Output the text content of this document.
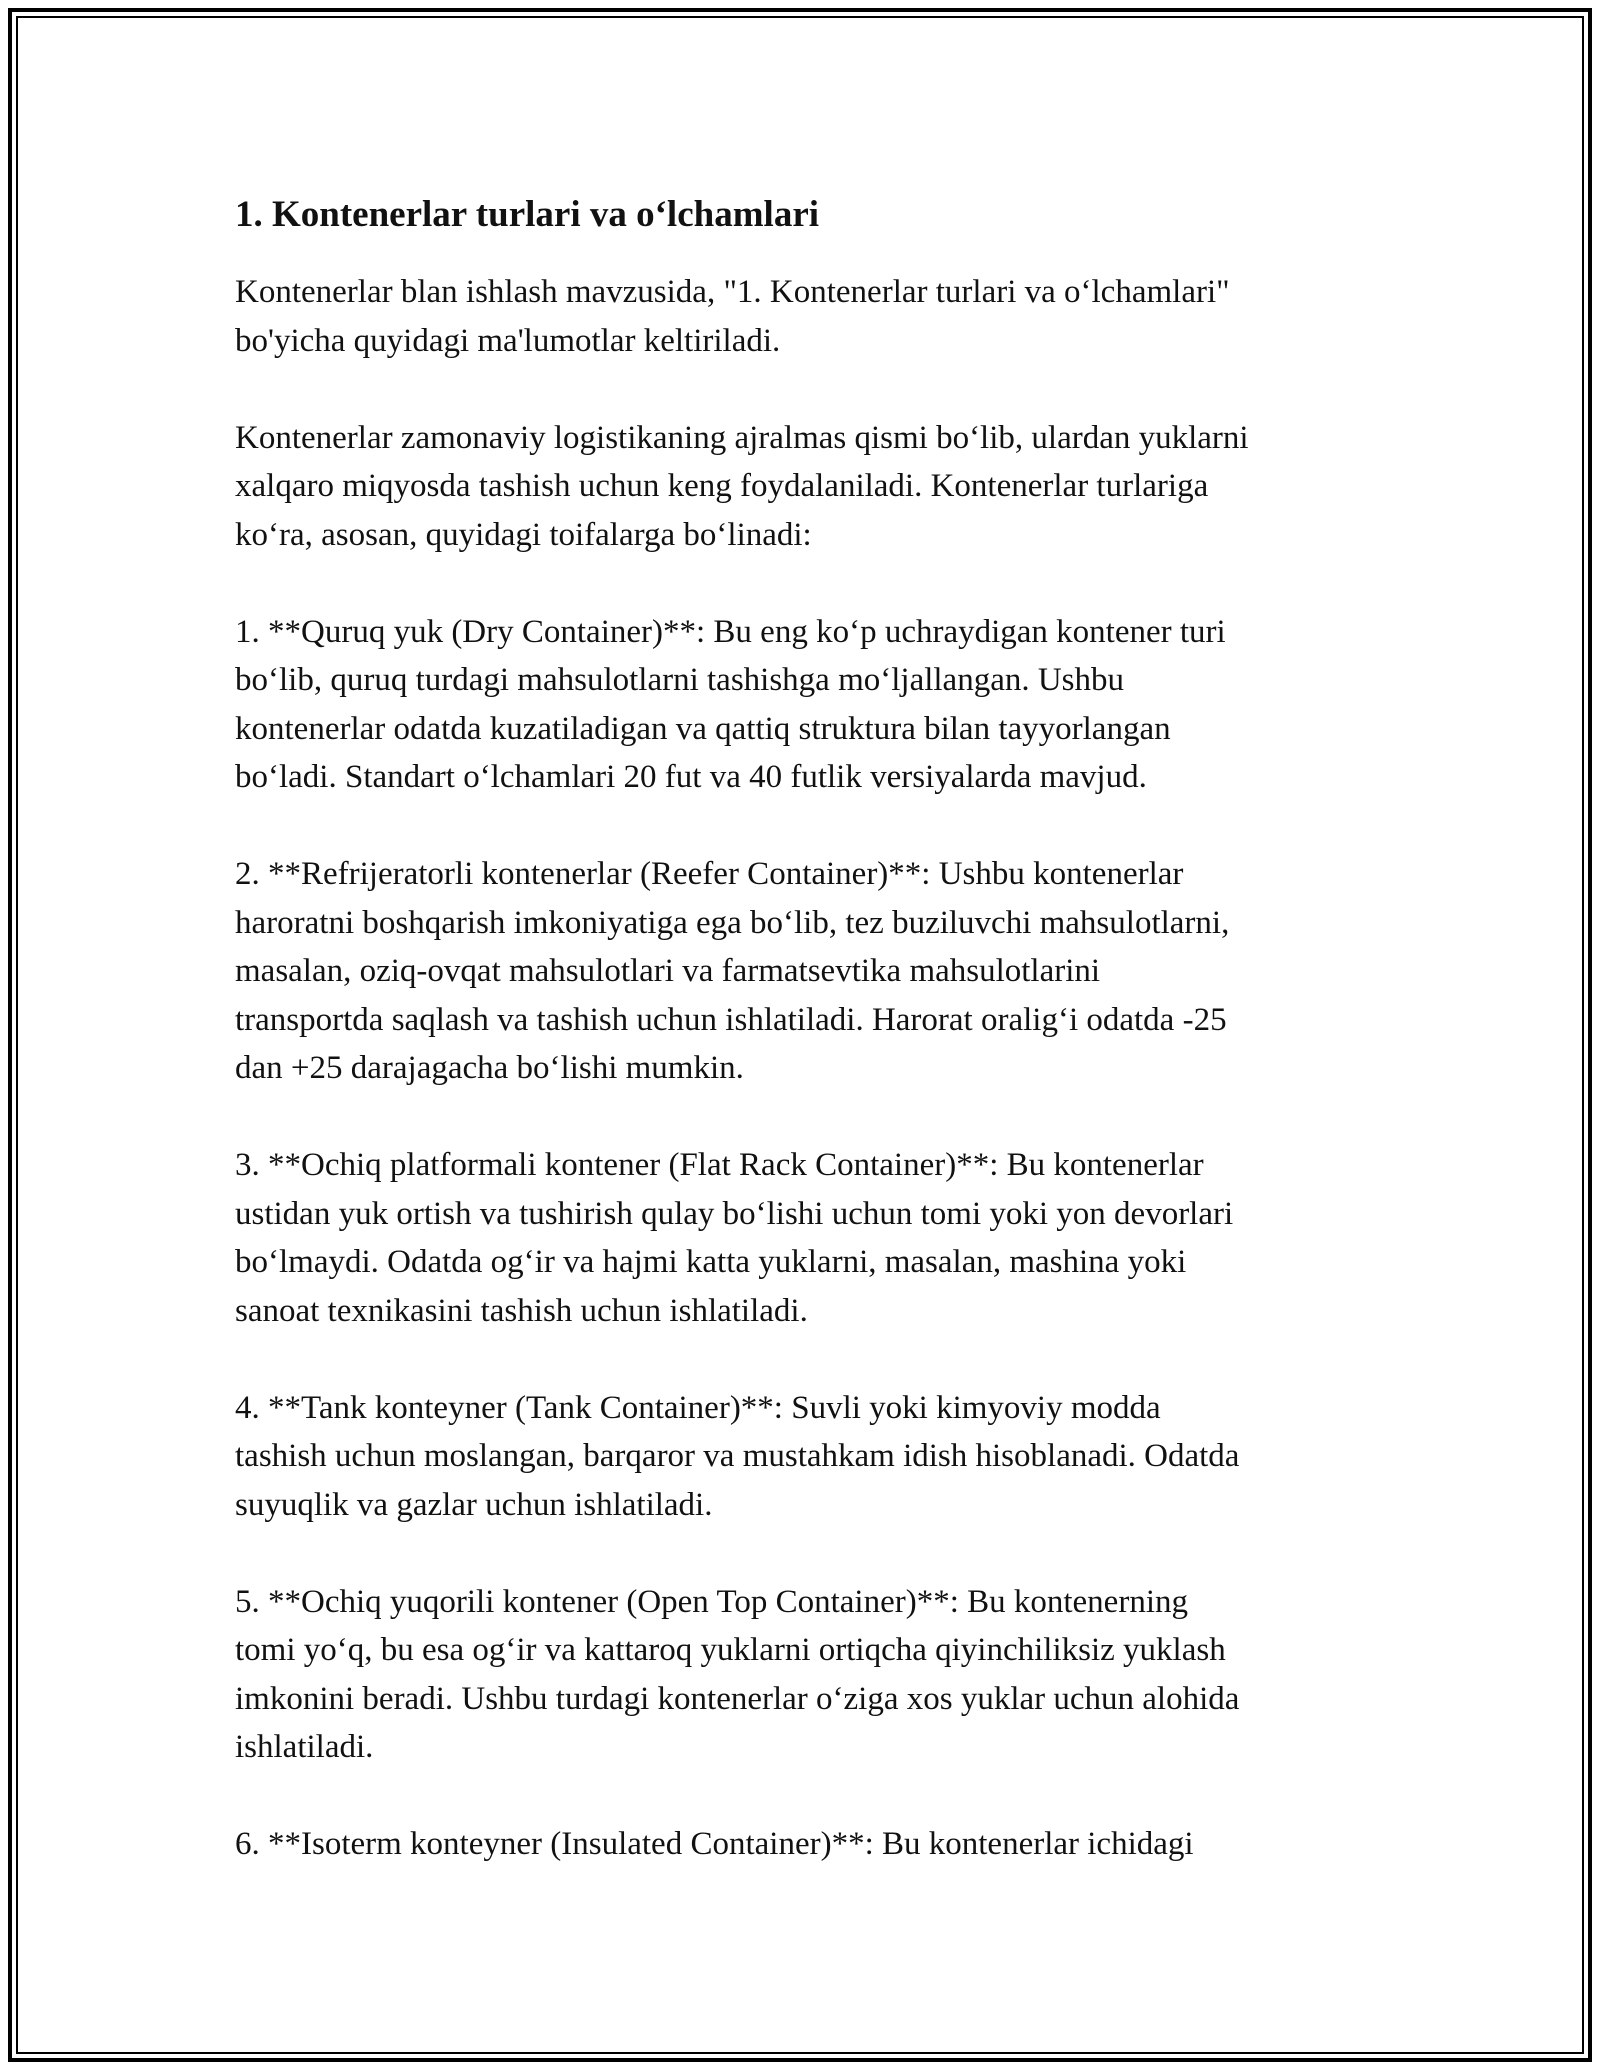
1. Kontenerlar turlari va o‘lchamlari

Kontenerlar blan ishlash mavzusida, "1. Kontenerlar turlari va o‘lchamlari"
bo'yicha quyidagi ma'lumotlar keltiriladi.

Kontenerlar zamonaviy logistikaning ajralmas qismi bo‘lib, ulardan yuklarni
xalqaro miqyosda tashish uchun keng foydalaniladi. Kontenerlar turlariga
ko‘ra, asosan, quyidagi toifalarga bo‘linadi:

1. **Quruq yuk (Dry Container)**: Bu eng ko‘p uchraydigan kontener turi
bo‘lib, quruq turdagi mahsulotlarni tashishga mo‘ljallangan. Ushbu
kontenerlar odatda kuzatiladigan va qattiq struktura bilan tayyorlangan
bo‘ladi. Standart o‘lchamlari 20 fut va 40 futlik versiyalarda mavjud.

2. **Refrijeratorli kontenerlar (Reefer Container)**: Ushbu kontenerlar
haroratni boshqarish imkoniyatiga ega bo‘lib, tez buziluvchi mahsulotlarni,
masalan, oziq-ovqat mahsulotlari va farmatsevtika mahsulotlarini
transportda saqlash va tashish uchun ishlatiladi. Harorat oralig‘i odatda -25
dan +25 darajagacha bo‘lishi mumkin.

3. **Ochiq platformali kontener (Flat Rack Container)**: Bu kontenerlar
ustidan yuk ortish va tushirish qulay bo‘lishi uchun tomi yoki yon devorlari
bo‘lmaydi. Odatda og‘ir va hajmi katta yuklarni, masalan, mashina yoki
sanoat texnikasini tashish uchun ishlatiladi.

4. **Tank konteyner (Tank Container)**: Suvli yoki kimyoviy modda
tashish uchun moslangan, barqaror va mustahkam idish hisoblanadi. Odatda
suyuqlik va gazlar uchun ishlatiladi.

5. **Ochiq yuqorili kontener (Open Top Container)**: Bu kontenerning
tomi yo‘q, bu esa og‘ir va kattaroq yuklarni ortiqcha qiyinchiliksiz yuklash
imkonini beradi. Ushbu turdagi kontenerlar o‘ziga xos yuklar uchun alohida
ishlatiladi.

6. **Isoterm konteyner (Insulated Container)**: Bu kontenerlar ichidagi
